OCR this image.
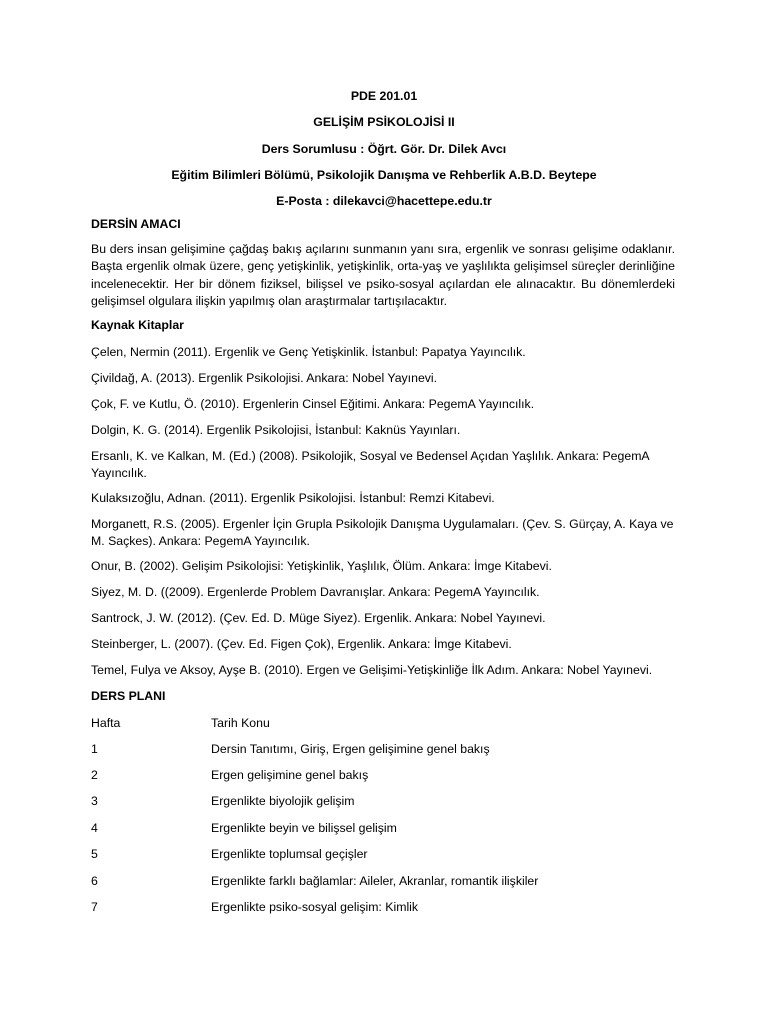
PDE 201.01
GELİŞİM PSİKOLOJİSİ II
Ders Sorumlusu : Öğrt. Gör. Dr. Dilek Avcı
Eğitim Bilimleri Bölümü, Psikolojik Danışma ve Rehberlik A.B.D. Beytepe
E-Posta : dilekavci@hacettepe.edu.tr
DERSİN AMACI
Bu ders insan gelişimine çağdaş bakış açılarını sunmanın yanı sıra, ergenlik ve sonrası gelişime odaklanır. Başta ergenlik olmak üzere, genç yetişkinlik, yetişkinlik, orta-yaş ve yaşlılıkta gelişimsel süreçler derinliğine incelenecektir. Her bir dönem fiziksel, bilişsel ve psiko-sosyal açılardan ele alınacaktır. Bu dönemlerdeki gelişimsel olgulara ilişkin yapılmış olan araştırmalar tartışılacaktır.
Kaynak Kitaplar
Çelen, Nermin (2011). Ergenlik ve Genç Yetişkinlik. İstanbul: Papatya Yayıncılık.
Çivildağ, A. (2013). Ergenlik Psikolojisi. Ankara: Nobel Yayınevi.
Çok, F. ve Kutlu, Ö. (2010). Ergenlerin Cinsel Eğitimi. Ankara: PegemA Yayıncılık.
Dolgin, K. G. (2014). Ergenlik Psikolojisi, İstanbul: Kaknüs Yayınları.
Ersanlı, K. ve Kalkan, M. (Ed.) (2008). Psikolojik, Sosyal ve Bedensel Açıdan Yaşlılık. Ankara: PegemA Yayıncılık.
Kulaksızoğlu, Adnan. (2011). Ergenlik Psikolojisi. İstanbul: Remzi Kitabevi.
Morganett, R.S. (2005). Ergenler İçin Grupla Psikolojik Danışma Uygulamaları. (Çev. S. Gürçay, A. Kaya ve M. Saçkes). Ankara: PegemA Yayıncılık.
Onur, B. (2002). Gelişim Psikolojisi: Yetişkinlik, Yaşlılık, Ölüm. Ankara: İmge Kitabevi.
Siyez, M. D. ((2009). Ergenlerde Problem Davranışlar. Ankara: PegemA Yayıncılık.
Santrock, J. W. (2012). (Çev. Ed. D. Müge Siyez). Ergenlik. Ankara: Nobel Yayınevi.
Steinberger, L. (2007). (Çev. Ed. Figen Çok), Ergenlik. Ankara: İmge Kitabevi.
Temel, Fulya ve Aksoy, Ayşe B. (2010). Ergen ve Gelişimi-Yetişkinliğe İlk Adım. Ankara: Nobel Yayınevi.
DERS PLANI
Hafta	Tarih Konu
1	Dersin Tanıtımı, Giriş, Ergen gelişimine genel bakış
2	Ergen gelişimine genel bakış
3	Ergenlikte biyolojik gelişim
4	Ergenlikte beyin ve bilişsel gelişim
5	Ergenlikte toplumsal geçişler
6	Ergenlikte farklı bağlamlar: Aileler, Akranlar, romantik ilişkiler
7	Ergenlikte psiko-sosyal gelişim: Kimlik
